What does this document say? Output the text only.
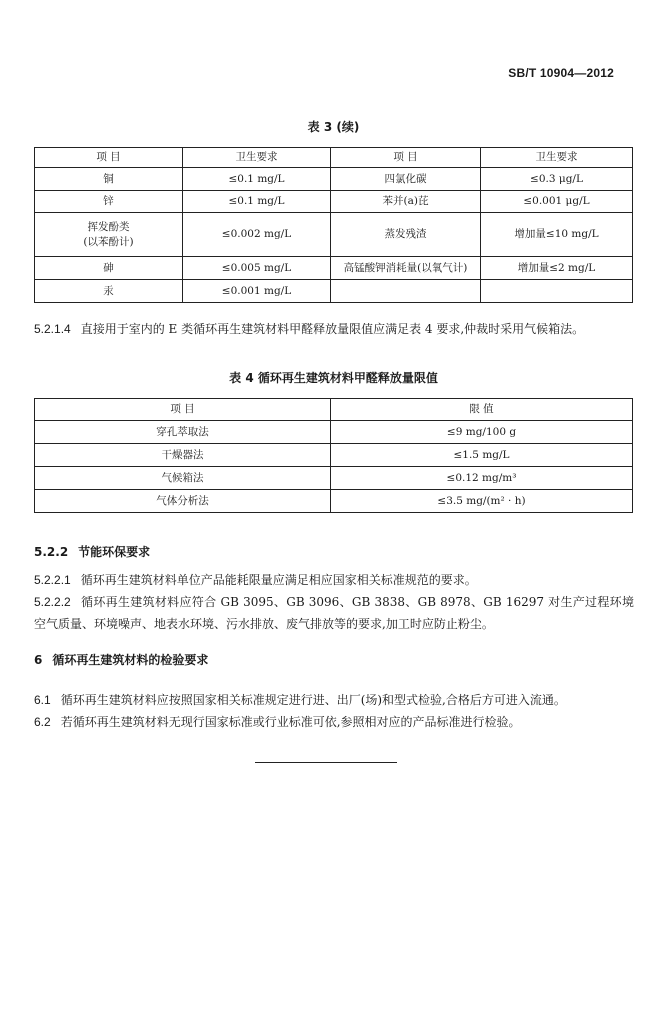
SB/T 10904—2012
表 3 (续)
项 目	卫生要求	项 目	卫生要求
铜	≤0.1 mg/L	四氯化碳	≤0.3 μg/L
锌	≤0.1 mg/L	苯并(a)芘	≤0.001 μg/L

挥发酚类
(以苯酚计)	≤0.002 mg/L	蒸发残渣	增加量≤10 mg/L
砷	≤0.005 mg/L	高锰酸钾消耗量(以氧气计)	增加量≤2 mg/L
汞	≤0.001 mg/L		
5.2.1.4 直接用于室内的 E 类循环再生建筑材料甲醛释放量限值应满足表 4 要求,仲裁时采用气候箱法。
表 4 循环再生建筑材料甲醛释放量限值
项 目	限 值
穿孔萃取法	≤9 mg/100 g
干燥器法	≤1.5 mg/L
气候箱法	≤0.12 mg/m³
气体分析法	≤3.5 mg/(m² · h)
5.2.2 节能环保要求
5.2.2.1 循环再生建筑材料单位产品能耗限量应满足相应国家相关标准规范的要求。
5.2.2.2 循环再生建筑材料应符合 GB 3095、GB 3096、GB 3838、GB 8978、GB 16297 对生产过程环境空气质量、环境噪声、地表水环境、污水排放、废气排放等的要求,加工时应防止粉尘。
6 循环再生建筑材料的检验要求
6.1 循环再生建筑材料应按照国家相关标准规定进行进、出厂(场)和型式检验,合格后方可进入流通。
6.2 若循环再生建筑材料无现行国家标准或行业标准可依,参照相对应的产品标准进行检验。
